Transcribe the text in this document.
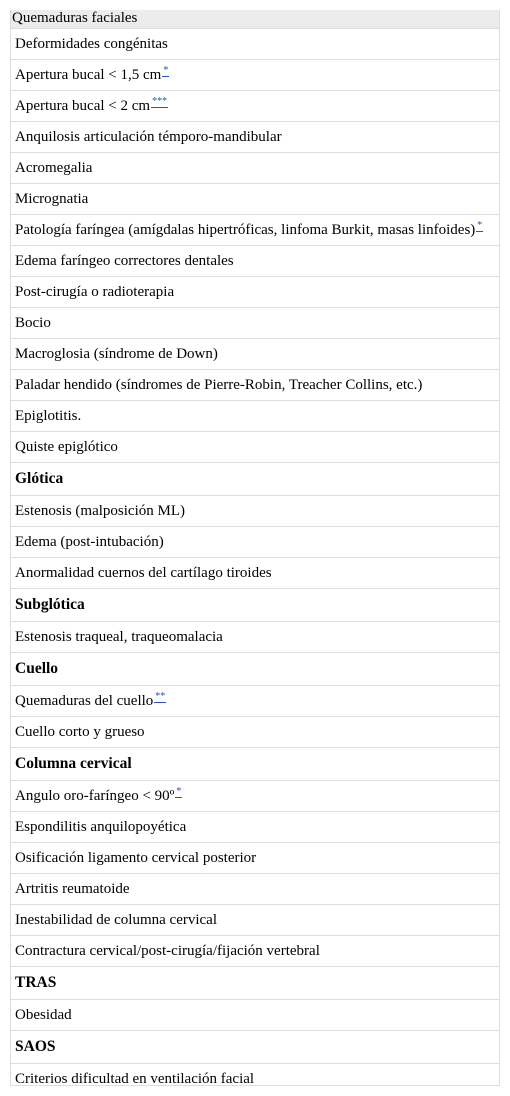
Quemaduras faciales
Deformidades congénitas
Apertura bucal < 1,5 cm *
Apertura bucal < 2 cm ***
Anquilosis articulación témporo-mandibular
Acromegalia
Micrognatia
Patología faríngea (amígdalas hipertróficas, linfoma Burkit, masas linfoides) *
Edema faríngeo correctores dentales
Post-cirugía o radioterapia
Bocio
Macroglosia (síndrome de Down)
Paladar hendido (síndromes de Pierre-Robin, Treacher Collins, etc.)
Epiglotitis.
Quiste epiglótico
Glótica
Estenosis (malposición ML)
Edema (post-intubación)
Anormalidad cuernos del cartílago tiroides
Subglótica
Estenosis traqueal, traqueomalacia
Cuello
Quemaduras del cuello **
Cuello corto y grueso
Columna cervical
Angulo oro-faríngeo < 90º *
Espondilitis anquilopoyética
Osificación ligamento cervical posterior
Artritis reumatoide
Inestabilidad de columna cervical
Contractura cervical/post-cirugía/fijación vertebral
TRAS
Obesidad
SAOS
Criterios dificultad en ventilación facial
